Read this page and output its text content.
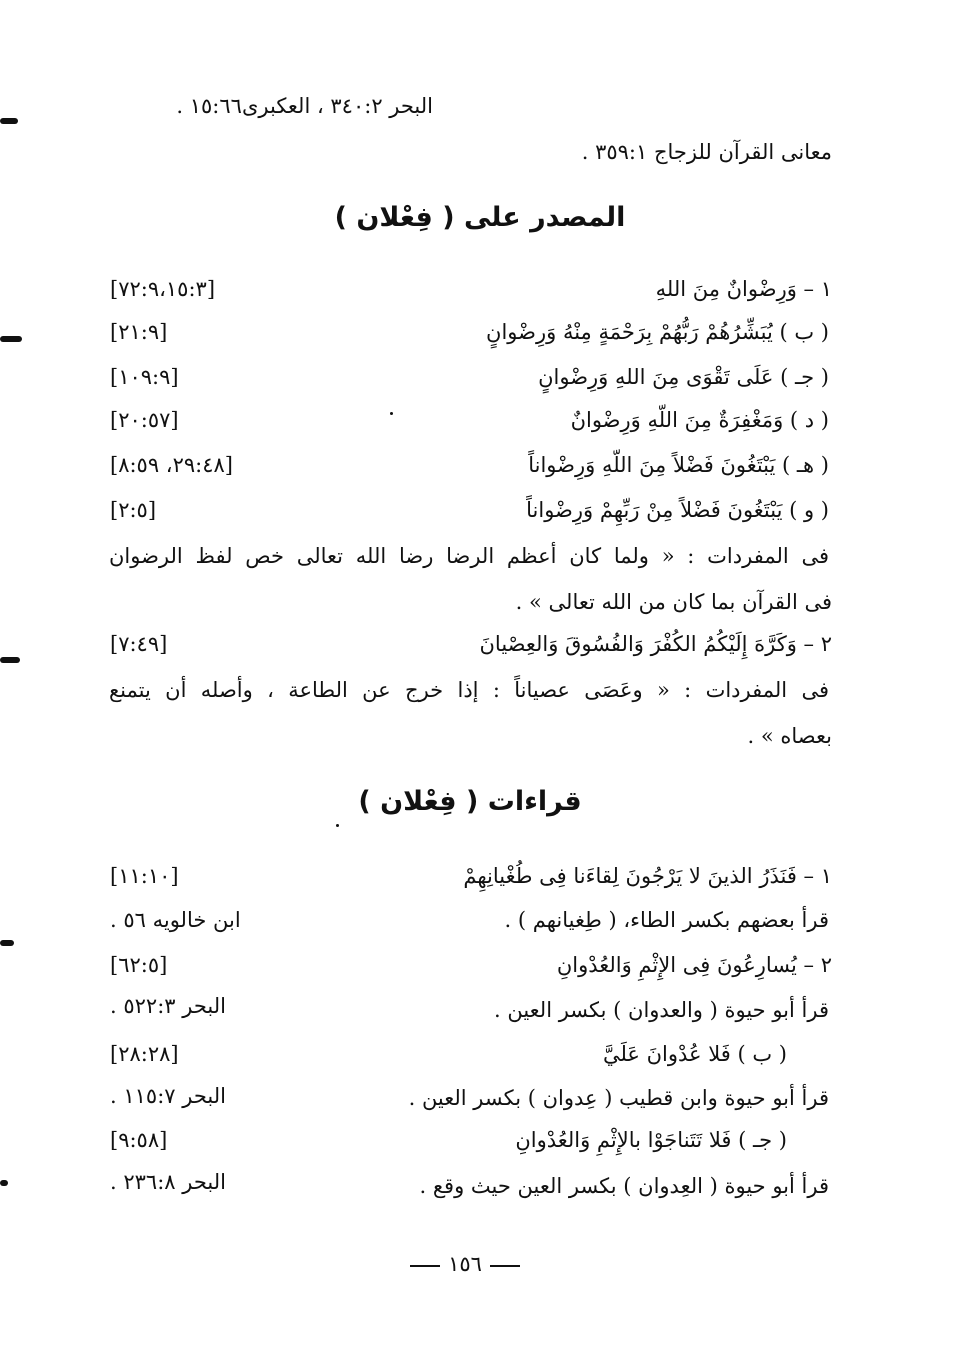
البحر ٣٤٠:٢ ، العكبرى١٥:٦٦ .
معانى القرآن للزجاج ٣٥٩:١ .
المصدر على ( فِعْلان )
١ – وَرِضْوانٌ مِنَ اللهِ
[٧٢:٩،١٥:٣]
( ب ) يُبَشِّرُهُمْ رَبُّهُمْ بِرَحْمَةٍ مِنْهُ وَرِضْوانٍ
[٢١:٩]
( جـ ) عَلَى تَقْوَى مِنَ اللهِ وَرِضْوانٍ
[١٠٩:٩]
( د ) وَمَغْفِرَةٌ مِنَ اللّهِ وَرِضْوانٌ
[٢٠:٥٧]
( هـ ) يَبْتَغُونَ فَضْلاً مِنَ اللّهِ وَرِضْواناً
[٢٩:٤٨، ٨:٥٩]
( و ) يَبْتَغُونَ فَضْلاً مِنْ رَبِّهِمْ وَرِضْواناً
[٢:٥]
فى المفردات : « ولما كان أعظم الرضا رضا الله تعالى خص لفظ الرضوان
فى القرآن بما كان من الله تعالى » .
٢ – وَكَرَّهَ إِلَيْكُمُ الكُفْرَ وَالفُسُوقَ وَالعِصْيانَ
[٧:٤٩]
فى المفردات : « وعَصَى عصياناً : إذا خرج عن الطاعة ، وأصله أن يتمنع
بعصاه » .
قراءات ( فِعْلان )
١ – فَنَذَرُ الذينَ لا يَرْجُونَ لِقاءَنا فِى طُغْيانِهِمْ
[١١:١٠]
قرأ بعضهم بكسر الطاء، ( طِغيانهم ) .
ابن خالويه ٥٦ .
٢ – يُسارِعُونَ فِى الإِثْمِ وَالعُدْوانِ
[٦٢:٥]
قرأ أبو حيوة ( والعدوان ) بكسر العين .
البحر ٥٢٢:٣ .
( ب ) فَلا عُدْوانَ عَلَيَّ
[٢٨:٢٨]
قرأ أبو حيوة وابن قطيب ( عِدوان ) بكسر العين .
البحر ١١٥:٧ .
( جـ ) فَلا تَتَناجَوْا بالإِثْمِ وَالعُدْوانِ
[٩:٥٨]
قرأ أبو حيوة ( العِدوان ) بكسر العين حيث وقع .
البحر ٢٣٦:٨ .
١٥٦
